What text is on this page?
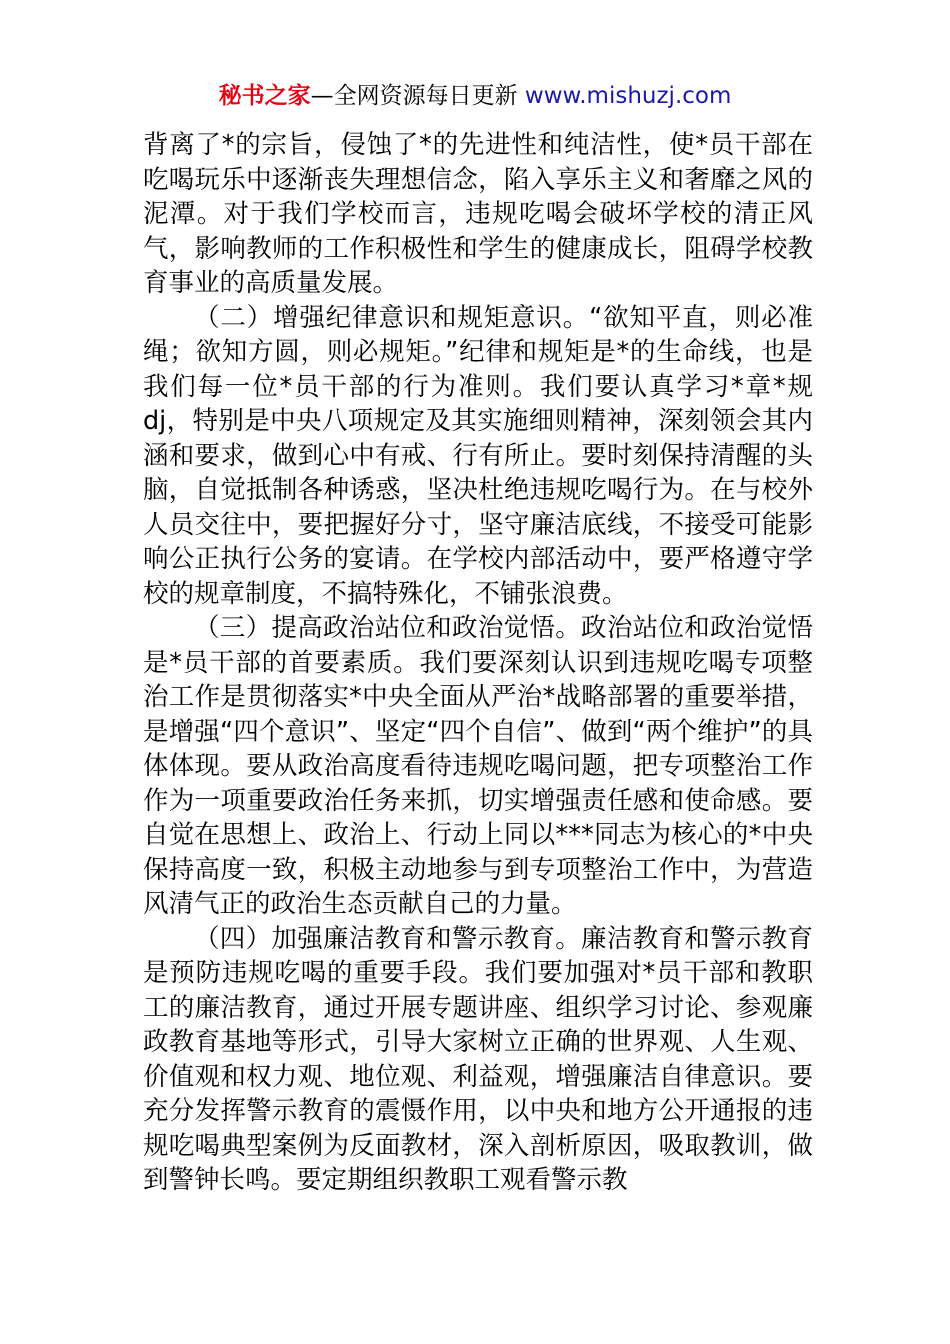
秘书之家—全网资源每日更新 www.mishuzj.com

背离了*的宗旨，侵蚀了*的先进性和纯洁性，使*员干部在吃喝玩乐中逐渐丧失理想信念，陷入享乐主义和奢靡之风的泥潭。对于我们学校而言，违规吃喝会破坏学校的清正风气，影响教师的工作积极性和学生的健康成长，阻碍学校教育事业的高质量发展。

（二）增强纪律意识和规矩意识。“欲知平直，则必准绳；欲知方圆，则必规矩。”纪律和规矩是*的生命线，也是我们每一位*员干部的行为准则。我们要认真学习*章*规dj，特别是中央八项规定及其实施细则精神，深刻领会其内涵和要求，做到心中有戒、行有所止。要时刻保持清醒的头脑，自觉抵制各种诱惑，坚决杜绝违规吃喝行为。在与校外人员交往中，要把握好分寸，坚守廉洁底线，不接受可能影响公正执行公务的宴请。在学校内部活动中，要严格遵守学校的规章制度，不搞特殊化，不铺张浪费。

（三）提高政治站位和政治觉悟。政治站位和政治觉悟是*员干部的首要素质。我们要深刻认识到违规吃喝专项整治工作是贯彻落实*中央全面从严治*战略部署的重要举措，是增强“四个意识”、坚定“四个自信”、做到“两个维护”的具体体现。要从政治高度看待违规吃喝问题，把专项整治工作作为一项重要政治任务来抓，切实增强责任感和使命感。要自觉在思想上、政治上、行动上同以***同志为核心的*中央保持高度一致，积极主动地参与到专项整治工作中，为营造风清气正的政治生态贡献自己的力量。

（四）加强廉洁教育和警示教育。廉洁教育和警示教育是预防违规吃喝的重要手段。我们要加强对*员干部和教职工的廉洁教育，通过开展专题讲座、组织学习讨论、参观廉政教育基地等形式，引导大家树立正确的世界观、人生观、价值观和权力观、地位观、利益观，增强廉洁自律意识。要充分发挥警示教育的震慑作用，以中央和地方公开通报的违规吃喝典型案例为反面教材，深入剖析原因，吸取教训，做到警钟长鸣。要定期组织教职工观看警示教
